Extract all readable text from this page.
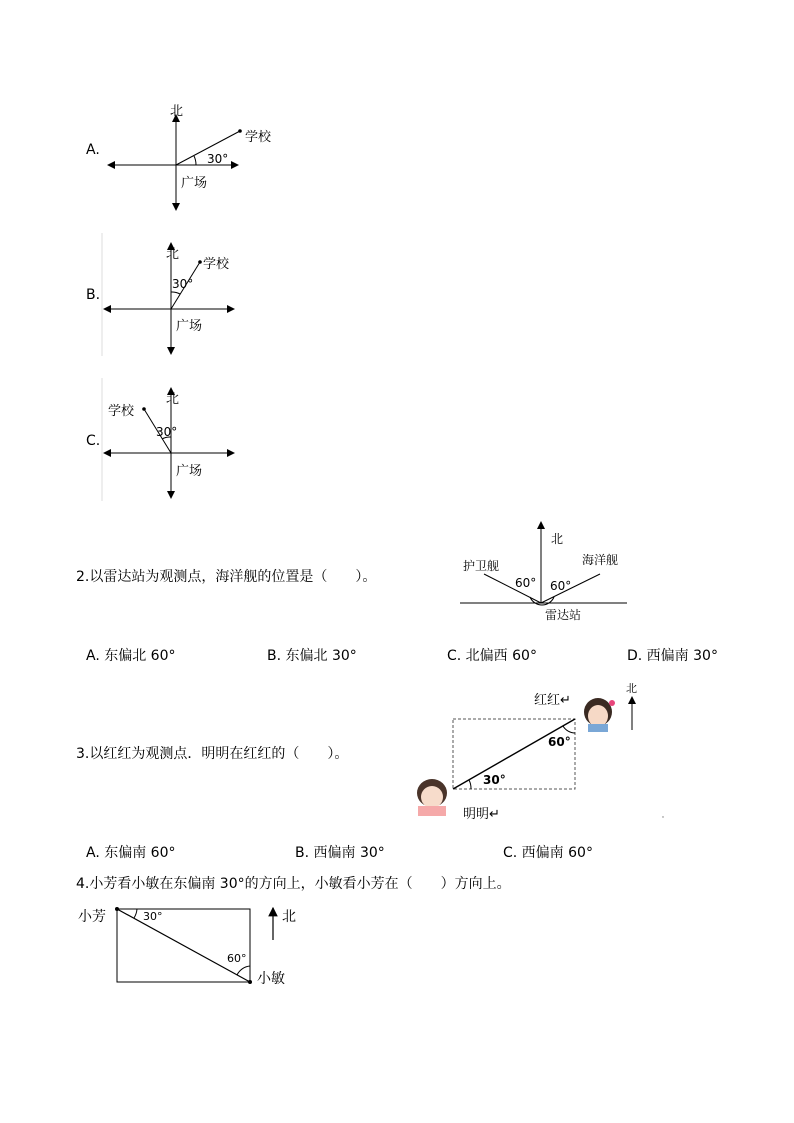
A.
北
学校
30°
广场
B.
北
学校
30°
广场
C.
北
学校
30°
广场
2.以雷达站为观测点，海洋舰的位置是（　　）。
北
护卫舰	海洋舰
60° 60°
雷达站
A. 东偏北 60°	B. 东偏北 30°	C. 北偏西 60°	D. 西偏南 30°
3.以红红为观测点．明明在红红的（　　）。
红红↵
明明↵
60°
30°
北
A. 东偏南 60°	B. 西偏南 30°	C. 西偏南 60°
4.小芳看小敏在东偏南 30°的方向上，小敏看小芳在（　　）方向上。
小芳
小敏
北
30°
60°
